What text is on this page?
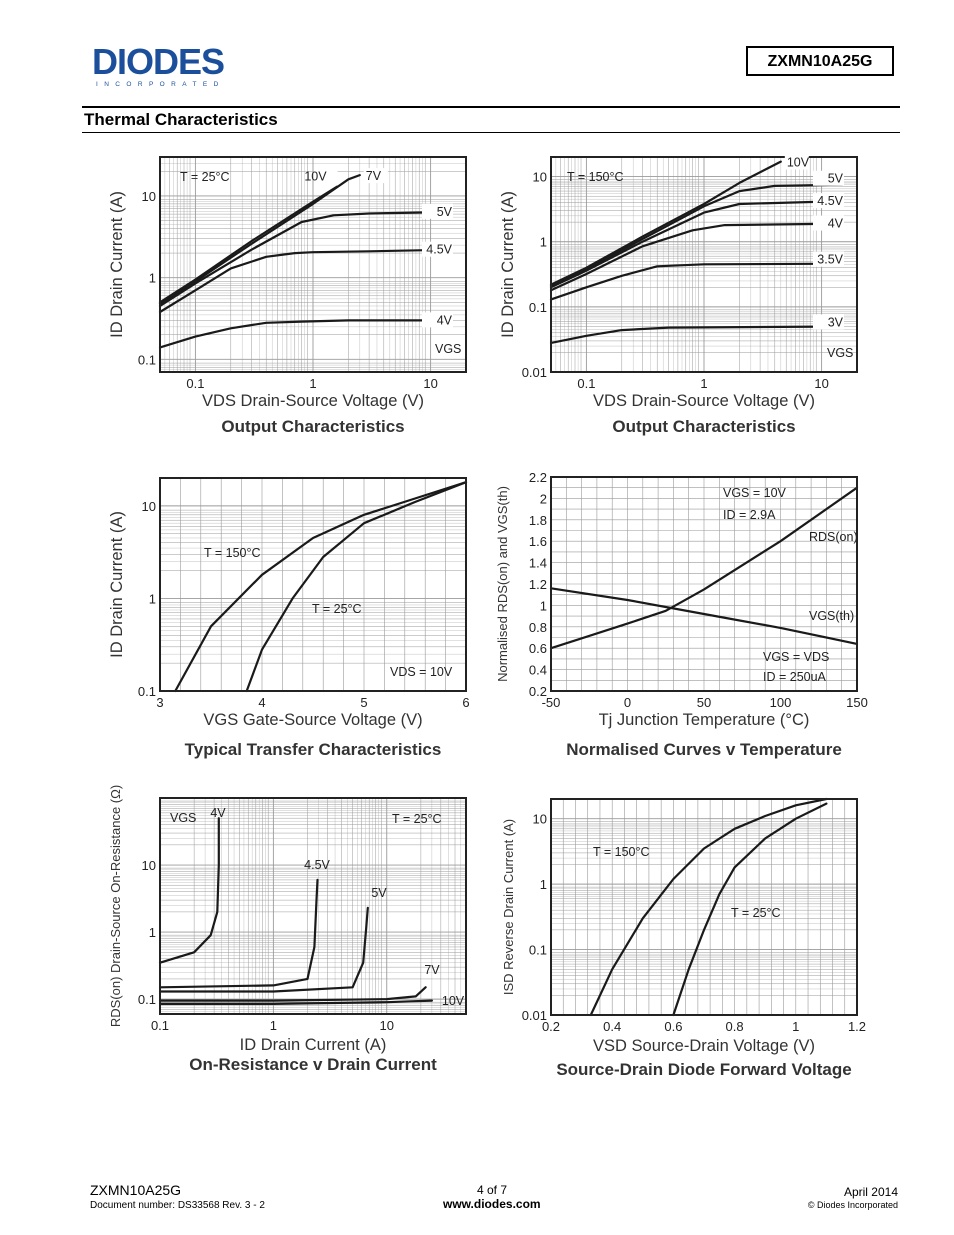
DIODES
INCORPORATED
ZXMN10A25G
Thermal Characteristics
0.1	1	10
0.1
1
10
Output Characteristics
VDS Drain-Source Voltage (V)
ID Drain Current (A)
10V	7V
5V
4.5V
4V
T = 25°C
VGS
0.1	1	10
0.01
0.1
1
10
Output Characteristics
VDS Drain-Source Voltage (V)
ID Drain Current (A)
10V
5V
4.5V
4V
3.5V
3V
T = 150°C
VGS
3	4	5	6
0.1
1
10
Typical Transfer Characteristics
VGS Gate-Source Voltage (V)
ID Drain Current (A)	T = 150°C
T = 25°C
VDS = 10V
-50	0	50	100	150
0.2
0.4
0.6
0.8
1
1.2
1.4
1.6
1.8
2
2.2
Normalised Curves v Temperature
Tj Junction Temperature (°C)
Normalised RDS(on) and VGS(th)	RDS(on)
VGS(th)
VGS = 10V
ID = 2.9A
VGS = VDS
ID = 250uA
0.1	1	10
0.1
1
10
On-Resistance v Drain Current
ID Drain Current (A)
RDS(on) Drain-Source On-Resistance (Ω)	4V
4.5V
5V
7V
10V
VGS	T = 25°C
0.2	0.4	0.6	0.8	1	1.2
0.01
0.1
1
10
Source-Drain Diode Forward Voltage
VSD Source-Drain Voltage (V)
ISD Reverse Drain Current (A)	T = 150°C
T = 25°C
ZXMN10A25G
Document number: DS33568 Rev. 3 - 2
4 of 7
www.diodes.com
April 2014
© Diodes Incorporated
